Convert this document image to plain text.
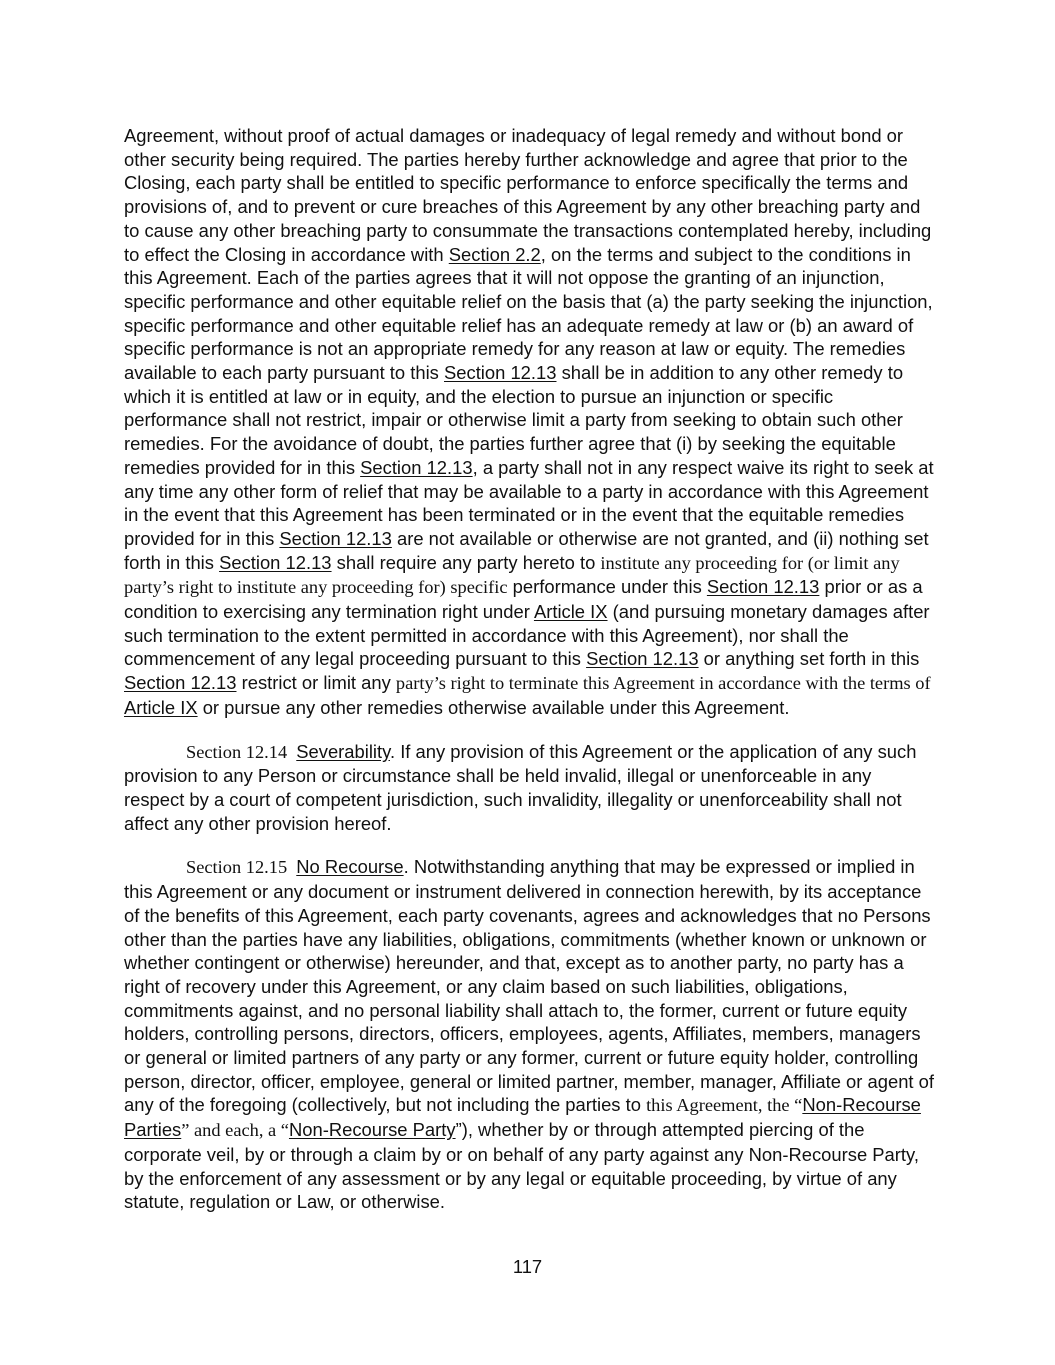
Agreement, without proof of actual damages or inadequacy of legal remedy and without bond or other security being required. The parties hereby further acknowledge and agree that prior to the Closing, each party shall be entitled to specific performance to enforce specifically the terms and provisions of, and to prevent or cure breaches of this Agreement by any other breaching party and to cause any other breaching party to consummate the transactions contemplated hereby, including to effect the Closing in accordance with Section 2.2, on the terms and subject to the conditions in this Agreement. Each of the parties agrees that it will not oppose the granting of an injunction, specific performance and other equitable relief on the basis that (a) the party seeking the injunction, specific performance and other equitable relief has an adequate remedy at law or (b) an award of specific performance is not an appropriate remedy for any reason at law or equity. The remedies available to each party pursuant to this Section 12.13 shall be in addition to any other remedy to which it is entitled at law or in equity, and the election to pursue an injunction or specific performance shall not restrict, impair or otherwise limit a party from seeking to obtain such other remedies. For the avoidance of doubt, the parties further agree that (i) by seeking the equitable remedies provided for in this Section 12.13, a party shall not in any respect waive its right to seek at any time any other form of relief that may be available to a party in accordance with this Agreement in the event that this Agreement has been terminated or in the event that the equitable remedies provided for in this Section 12.13 are not available or otherwise are not granted, and (ii) nothing set forth in this Section 12.13 shall require any party hereto to institute any proceeding for (or limit any party’s right to institute any proceeding for) specific performance under this Section 12.13 prior or as a condition to exercising any termination right under Article IX (and pursuing monetary damages after such termination to the extent permitted in accordance with this Agreement), nor shall the commencement of any legal proceeding pursuant to this Section 12.13 or anything set forth in this Section 12.13 restrict or limit any party’s right to terminate this Agreement in accordance with the terms of Article IX or pursue any other remedies otherwise available under this Agreement.

Section 12.14 Severability. If any provision of this Agreement or the application of any such provision to any Person or circumstance shall be held invalid, illegal or unenforceable in any respect by a court of competent jurisdiction, such invalidity, illegality or unenforceability shall not affect any other provision hereof.

Section 12.15 No Recourse. Notwithstanding anything that may be expressed or implied in this Agreement or any document or instrument delivered in connection herewith, by its acceptance of the benefits of this Agreement, each party covenants, agrees and acknowledges that no Persons other than the parties have any liabilities, obligations, commitments (whether known or unknown or whether contingent or otherwise) hereunder, and that, except as to another party, no party has a right of recovery under this Agreement, or any claim based on such liabilities, obligations, commitments against, and no personal liability shall attach to, the former, current or future equity holders, controlling persons, directors, officers, employees, agents, Affiliates, members, managers or general or limited partners of any party or any former, current or future equity holder, controlling person, director, officer, employee, general or limited partner, member, manager, Affiliate or agent of any of the foregoing (collectively, but not including the parties to this Agreement, the “Non-Recourse Parties” and each, a “Non-Recourse Party”), whether by or through attempted piercing of the corporate veil, by or through a claim by or on behalf of any party against any Non-Recourse Party, by the enforcement of any assessment or by any legal or equitable proceeding, by virtue of any statute, regulation or Law, or otherwise.

117
